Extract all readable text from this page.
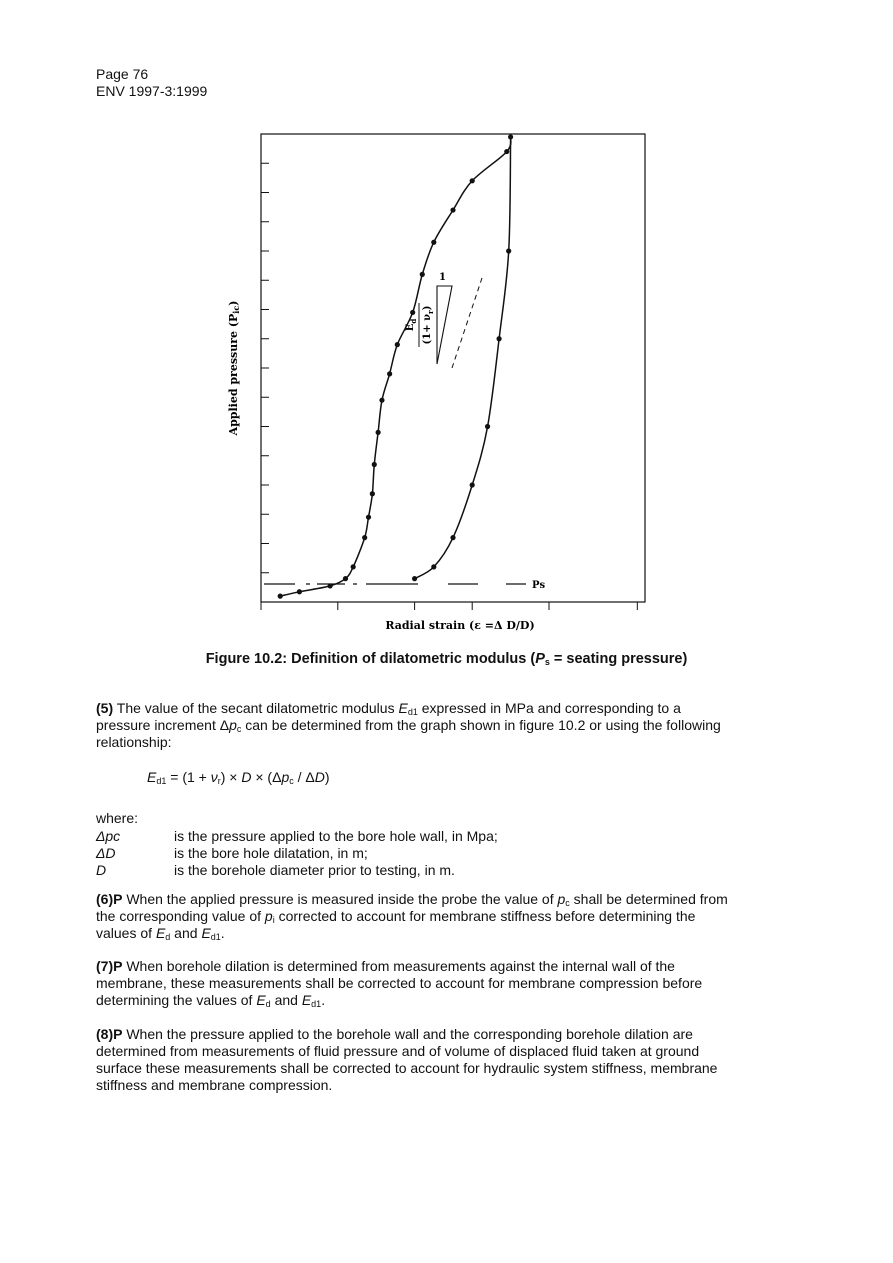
Page 76
ENV 1997-3:1999
Ps
1
$E_d$ $(1+ \nu_r)$
Applied pressure (Pic)
Radial strain (ε =Δ D/D)
Figure 10.2: Definition of dilatometric modulus ($P_s$ = seating pressure)
(5) The value of the secant dilatometric modulus $E_{d1}$ expressed in MPa and corresponding to a
pressure increment $\Delta p_c$ can be determined from the graph shown in figure 10.2 or using the following
relationship:
$E_{d1} = (1 + \nu_r) \times D \times (\Delta p_c / \Delta D)$
where:
Δpc	is the pressure applied to the bore hole wall, in Mpa;
ΔD	is the bore hole dilatation, in m;
D	is the borehole diameter prior to testing, in m.
(6)P When the applied pressure is measured inside the probe the value of $p_c$ shall be determined from
the corresponding value of $p_i$ corrected to account for membrane stiffness before determining the
values of $E_d$ and $E_{d1}$.
(7)P When borehole dilation is determined from measurements against the internal wall of the
membrane, these measurements shall be corrected to account for membrane compression before
determining the values of $E_d$ and $E_{d1}$.
(8)P When the pressure applied to the borehole wall and the corresponding borehole dilation are
determined from measurements of fluid pressure and of volume of displaced fluid taken at ground
surface these measurements shall be corrected to account for hydraulic system stiffness, membrane
stiffness and membrane compression.
